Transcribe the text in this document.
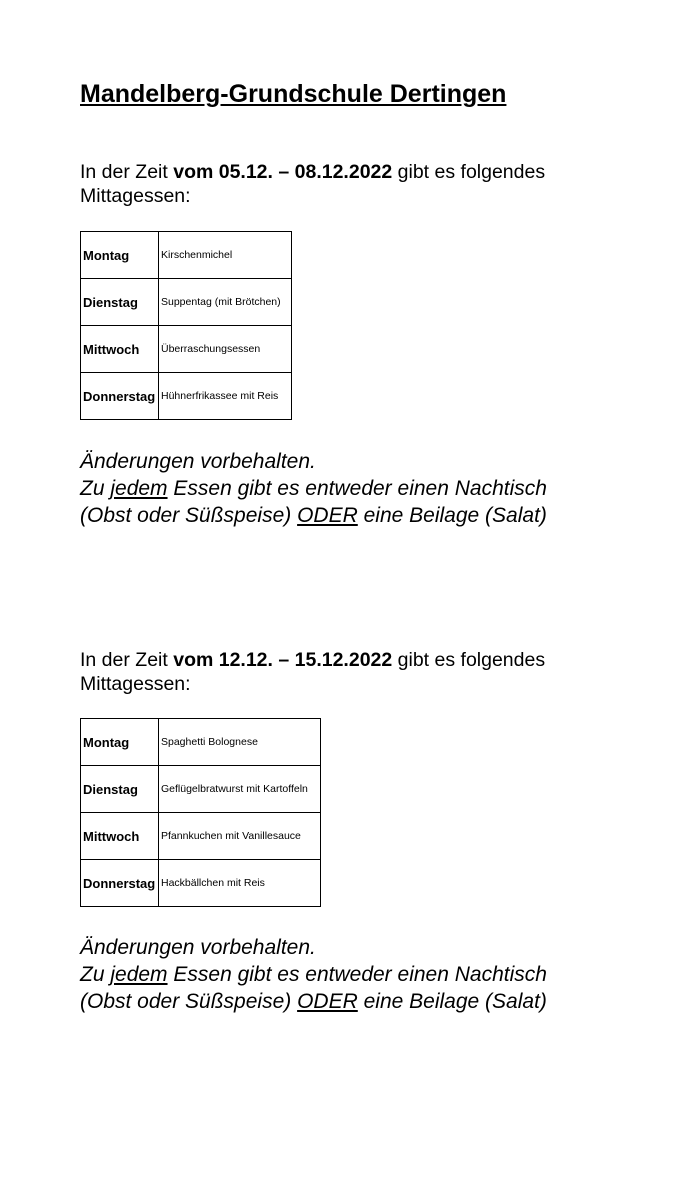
Mandelberg-Grundschule Dertingen
In der Zeit vom 05.12. – 08.12.2022 gibt es folgendes Mittagessen:
Montag	Kirschenmichel
Dienstag	Suppentag (mit Brötchen)
Mittwoch	Überraschungsessen
Donnerstag	Hühnerfrikassee mit Reis
Änderungen vorbehalten.
Zu jedem Essen gibt es entweder einen Nachtisch
(Obst oder Süßspeise) ODER eine Beilage (Salat)
In der Zeit vom 12.12. – 15.12.2022 gibt es folgendes Mittagessen:
Montag	Spaghetti Bolognese
Dienstag	Geflügelbratwurst mit Kartoffeln
Mittwoch	Pfannkuchen mit Vanillesauce
Donnerstag	Hackbällchen mit Reis
Änderungen vorbehalten.
Zu jedem Essen gibt es entweder einen Nachtisch
(Obst oder Süßspeise) ODER eine Beilage (Salat)
